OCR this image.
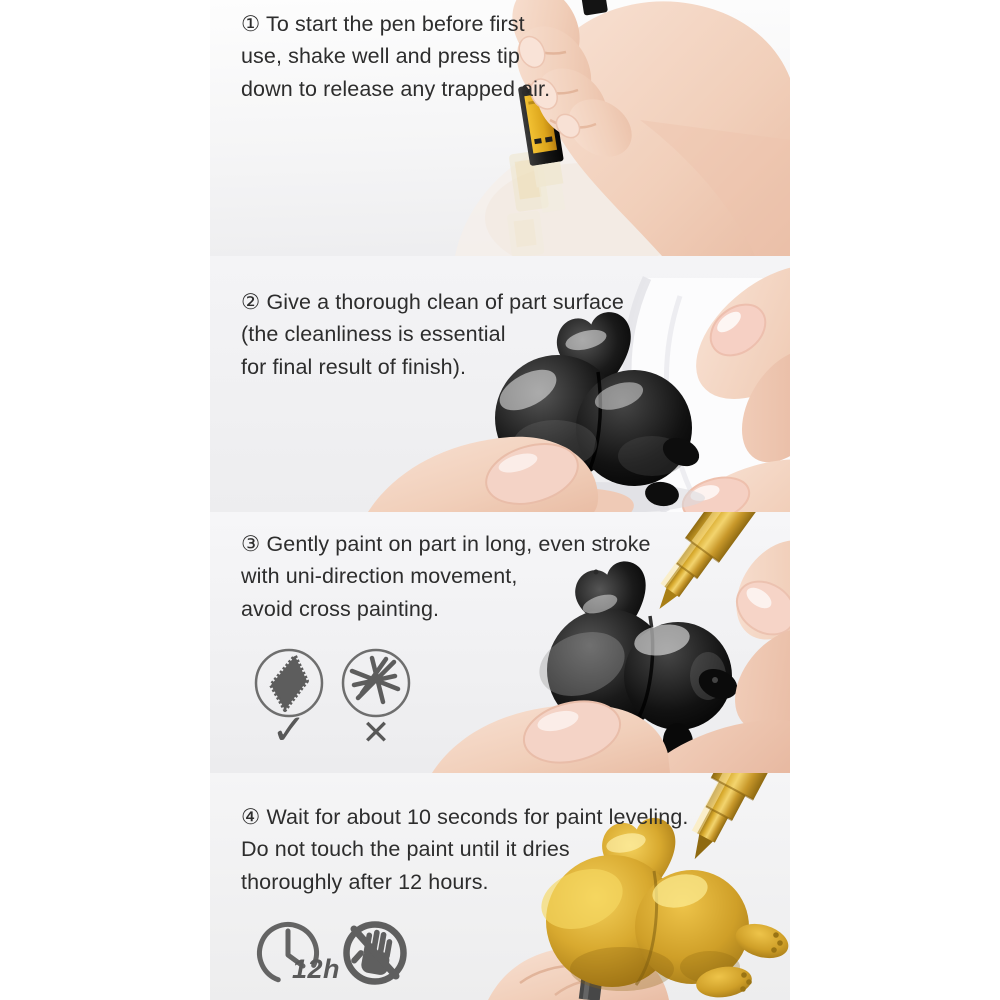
① To start the pen before first
use, shake well and press tip
down to release any trapped air.
② Give a thorough clean of part surface
(the cleanliness is essential
for final result of finish).
✓	✕
③ Gently paint on part in long, even stroke
with uni-direction movement,
avoid cross painting.
12h
④ Wait for about 10 seconds for paint leveling.
Do not touch the paint until it dries
thoroughly after 12 hours.
